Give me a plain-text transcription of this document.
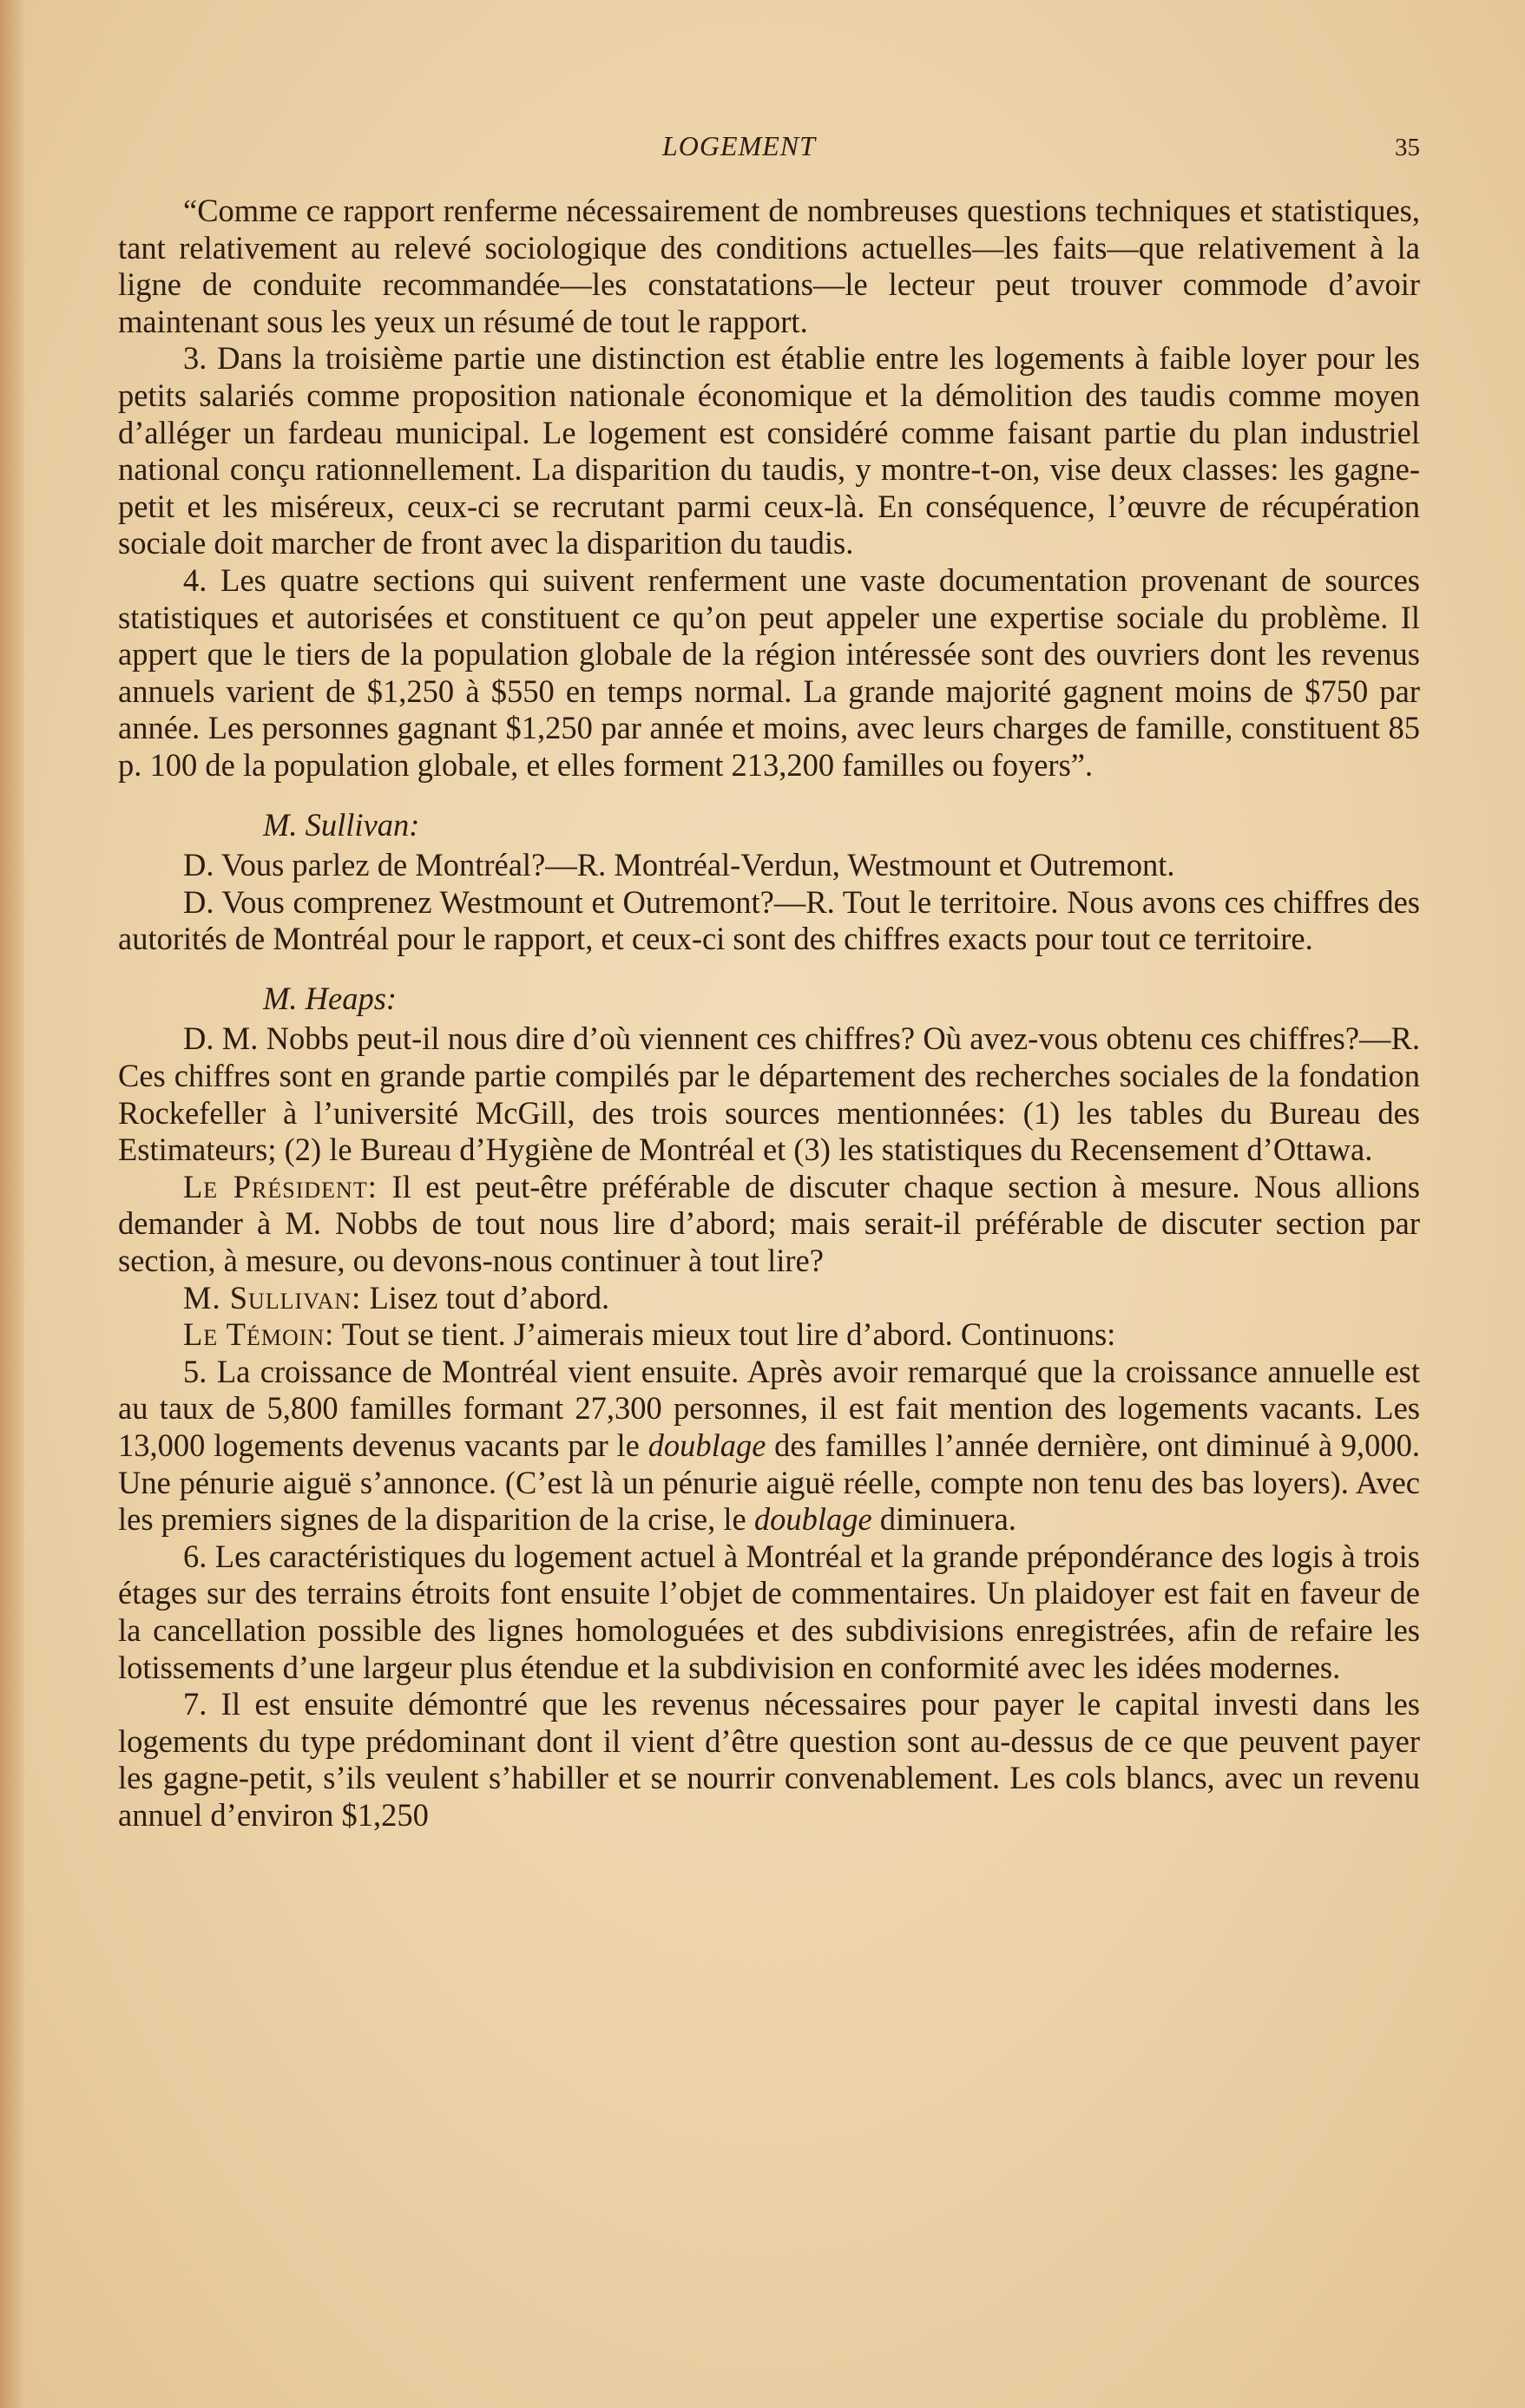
LOGEMENT	35

“Comme ce rapport renferme nécessairement de nombreuses questions techniques et statistiques, tant relativement au relevé sociologique des conditions actuelles—les faits—que relativement à la ligne de conduite recommandée—les constatations—le lecteur peut trouver commode d’avoir maintenant sous les yeux un résumé de tout le rapport.

3. Dans la troisième partie une distinction est établie entre les logements à faible loyer pour les petits salariés comme proposition nationale économique et la démolition des taudis comme moyen d’alléger un fardeau municipal. Le logement est considéré comme faisant partie du plan industriel national conçu rationnellement. La disparition du taudis, y montre-t-on, vise deux classes: les gagne-petit et les miséreux, ceux-ci se recrutant parmi ceux-là. En conséquence, l’œuvre de récupération sociale doit marcher de front avec la disparition du taudis.

4. Les quatre sections qui suivent renferment une vaste documentation provenant de sources statistiques et autorisées et constituent ce qu’on peut appeler une expertise sociale du problème. Il appert que le tiers de la population globale de la région intéressée sont des ouvriers dont les revenus annuels varient de $1,250 à $550 en temps normal. La grande majorité gagnent moins de $750 par année. Les personnes gagnant $1,250 par année et moins, avec leurs charges de famille, constituent 85 p. 100 de la population globale, et elles forment 213,200 familles ou foyers”.

M. Sullivan:

D. Vous parlez de Montréal?—R. Montréal-Verdun, Westmount et Outremont.

D. Vous comprenez Westmount et Outremont?—R. Tout le territoire. Nous avons ces chiffres des autorités de Montréal pour le rapport, et ceux-ci sont des chiffres exacts pour tout ce territoire.

M. Heaps:

D. M. Nobbs peut-il nous dire d’où viennent ces chiffres? Où avez-vous obtenu ces chiffres?—R. Ces chiffres sont en grande partie compilés par le département des recherches sociales de la fondation Rockefeller à l’université McGill, des trois sources mentionnées: (1) les tables du Bureau des Estimateurs; (2) le Bureau d’Hygiène de Montréal et (3) les statistiques du Recensement d’Ottawa.

Le Président: Il est peut-être préférable de discuter chaque section à mesure. Nous allions demander à M. Nobbs de tout nous lire d’abord; mais serait-il préférable de discuter section par section, à mesure, ou devons-nous continuer à tout lire?

M. Sullivan: Lisez tout d’abord.

Le Témoin: Tout se tient. J’aimerais mieux tout lire d’abord. Continuons:

5. La croissance de Montréal vient ensuite. Après avoir remarqué que la croissance annuelle est au taux de 5,800 familles formant 27,300 personnes, il est fait mention des logements vacants. Les 13,000 logements devenus vacants par le doublage des familles l’année dernière, ont diminué à 9,000. Une pénurie aiguë s’annonce. (C’est là un pénurie aiguë réelle, compte non tenu des bas loyers). Avec les premiers signes de la disparition de la crise, le doublage diminuera.

6. Les caractéristiques du logement actuel à Montréal et la grande prépondérance des logis à trois étages sur des terrains étroits font ensuite l’objet de commentaires. Un plaidoyer est fait en faveur de la cancellation possible des lignes homologuées et des subdivisions enregistrées, afin de refaire les lotissements d’une largeur plus étendue et la subdivision en conformité avec les idées modernes.

7. Il est ensuite démontré que les revenus nécessaires pour payer le capital investi dans les logements du type prédominant dont il vient d’être question sont au-dessus de ce que peuvent payer les gagne-petit, s’ils veulent s’habiller et se nourrir convenablement. Les cols blancs, avec un revenu annuel d’environ $1,250
